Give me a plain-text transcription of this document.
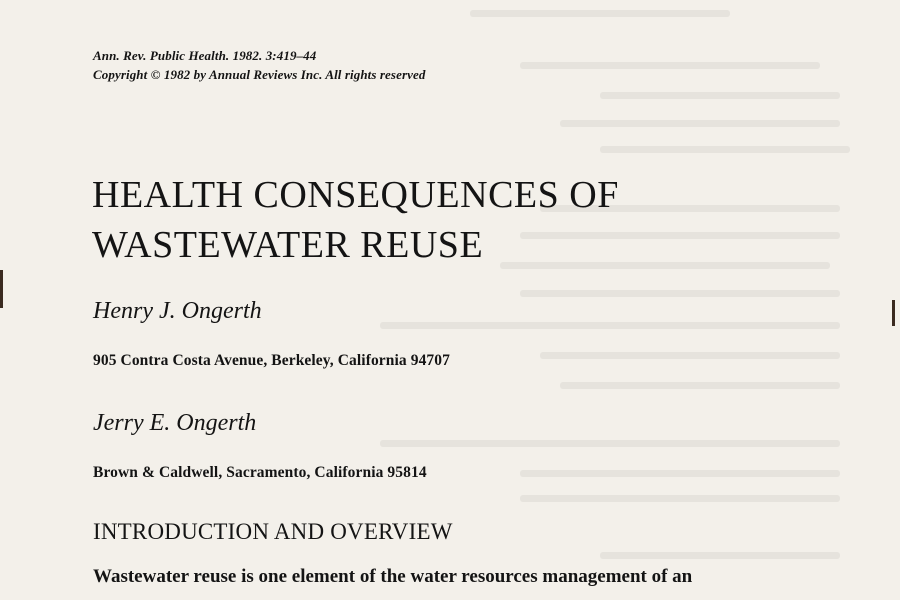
Ann. Rev. Public Health. 1982. 3:419–44

Copyright © 1982 by Annual Reviews Inc. All rights reserved

HEALTH CONSEQUENCES OF
WASTEWATER REUSE

Henry J. Ongerth

905 Contra Costa Avenue, Berkeley, California 94707

Jerry E. Ongerth

Brown & Caldwell, Sacramento, California 95814

INTRODUCTION AND OVERVIEW

Wastewater reuse is one element of the water resources management of an
